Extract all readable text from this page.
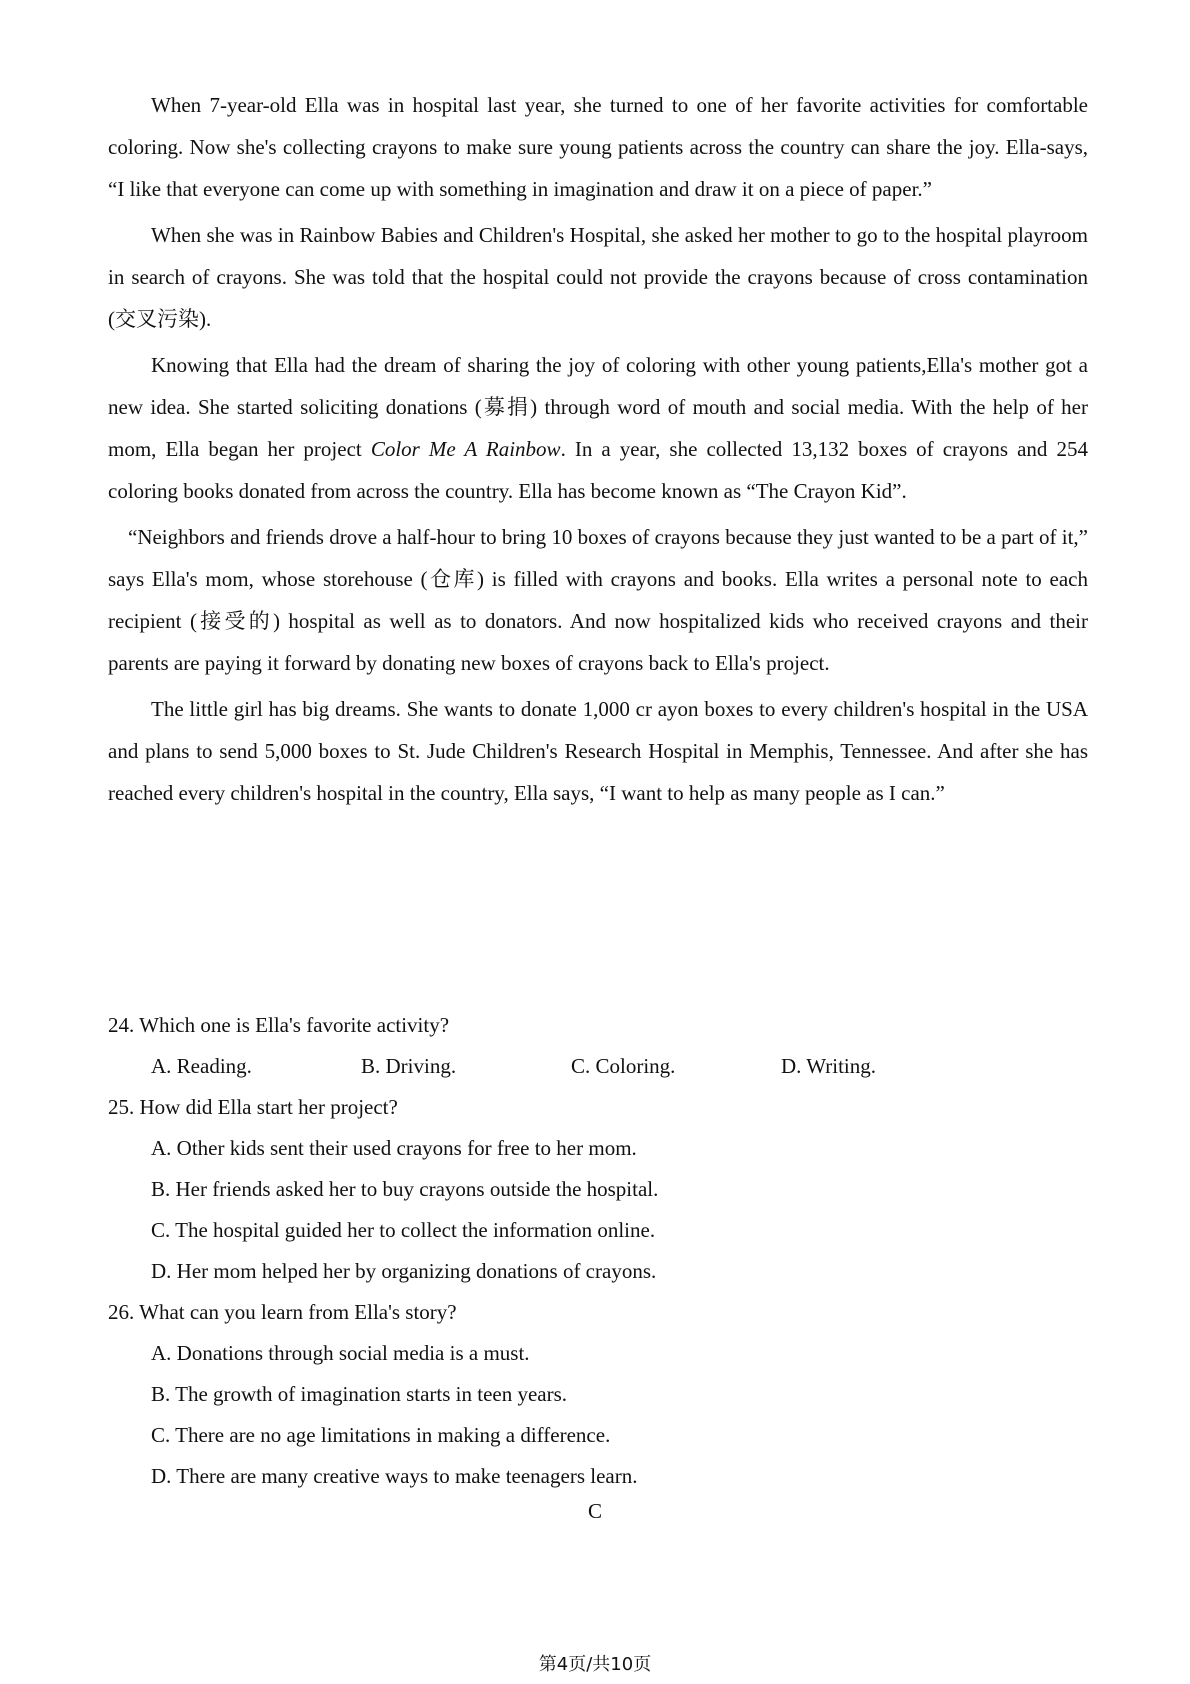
When 7-year-old Ella was in hospital last year, she turned to one of her favorite activities for comfortable coloring. Now she's collecting crayons to make sure young patients across the country can share the joy. Ella-says, “I like that everyone can come up with something in imagination and draw it on a piece of paper.”

When she was in Rainbow Babies and Children's Hospital, she asked her mother to go to the hospital playroom in search of crayons. She was told that the hospital could not provide the crayons because of cross contamination (交叉污染).

Knowing that Ella had the dream of sharing the joy of coloring with other young patients,Ella's mother got a new idea. She started soliciting donations (募捐) through word of mouth and social media. With the help of her mom, Ella began her project Color Me A Rainbow. In a year, she collected 13,132 boxes of crayons and 254 coloring books donated from across the country. Ella has become known as “The Crayon Kid”.

“Neighbors and friends drove a half-hour to bring 10 boxes of crayons because they just wanted to be a part of it,” says Ella's mom, whose storehouse (仓库) is filled with crayons and books. Ella writes a personal note to each recipient (接受的) hospital as well as to donators. And now hospitalized kids who received crayons and their parents are paying it forward by donating new boxes of crayons back to Ella's project.

The little girl has big dreams. She wants to donate 1,000 cr ayon boxes to every children's hospital in the USA and plans to send 5,000 boxes to St. Jude Children's Research Hospital in Memphis, Tennessee. And after she has reached every children's hospital in the country, Ella says, “I want to help as many people as I can.”

24. Which one is Ella's favorite activity?
A. Reading.	B. Driving.	C. Coloring.	D. Writing.
25. How did Ella start her project?
A. Other kids sent their used crayons for free to her mom.
B. Her friends asked her to buy crayons outside the hospital.
C. The hospital guided her to collect the information online.
D. Her mom helped her by organizing donations of crayons.
26. What can you learn from Ella's story?
A. Donations through social media is a must.
B. The growth of imagination starts in teen years.
C. There are no age limitations in making a difference.
D. There are many creative ways to make teenagers learn.
C
第4页/共10页
